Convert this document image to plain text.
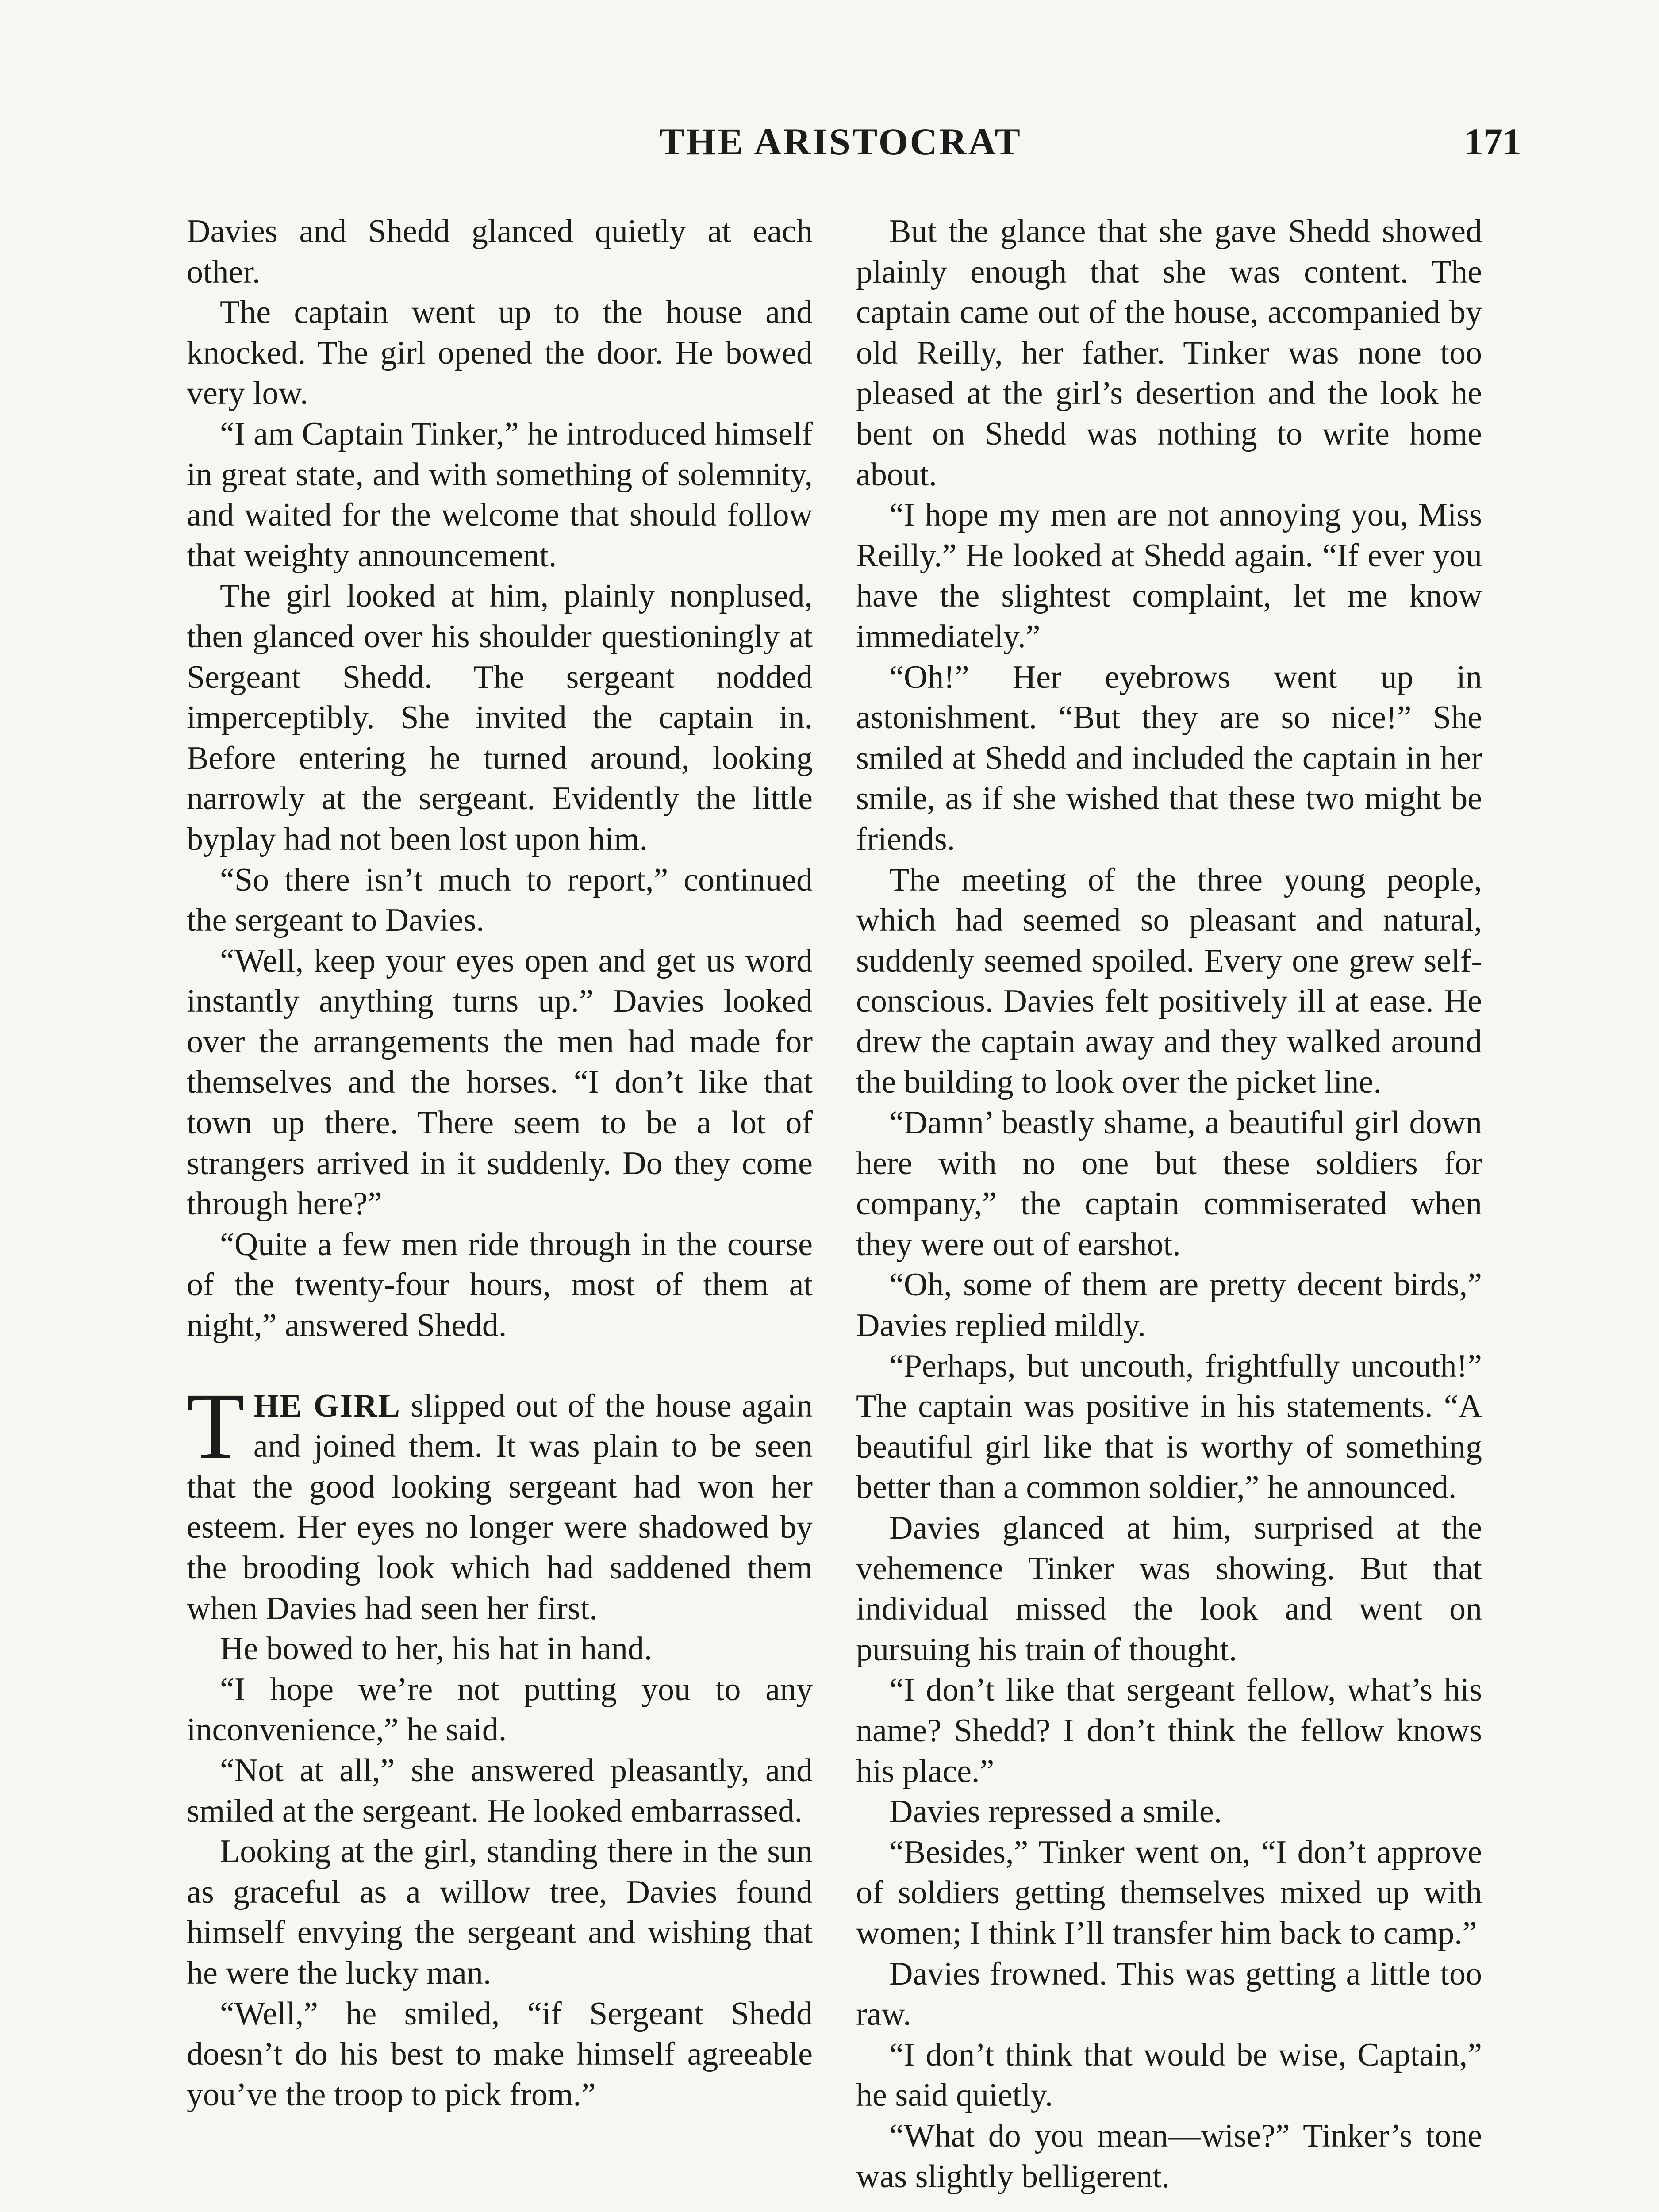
THE ARISTOCRAT	171

Davies and Shedd glanced quietly at each other.

The captain went up to the house and knocked. The girl opened the door. He bowed very low.

“I am Captain Tinker,” he introduced himself in great state, and with something of solemnity, and waited for the welcome that should follow that weighty announcement.

The girl looked at him, plainly nonplused, then glanced over his shoulder questioningly at Sergeant Shedd. The sergeant nodded imperceptibly. She invited the captain in. Before entering he turned around, looking narrowly at the sergeant. Evidently the little byplay had not been lost upon him.

“So there isn’t much to report,” continued the sergeant to Davies.

“Well, keep your eyes open and get us word instantly anything turns up.” Davies looked over the arrangements the men had made for themselves and the horses. “I don’t like that town up there. There seem to be a lot of strangers arrived in it suddenly. Do they come through here?”

“Quite a few men ride through in the course of the twenty-four hours, most of them at night,” answered Shedd.

THE GIRL slipped out of the house again and joined them. It was plain to be seen that the good looking sergeant had won her esteem. Her eyes no longer were shadowed by the brooding look which had saddened them when Davies had seen her first.

He bowed to her, his hat in hand.

“I hope we’re not putting you to any inconvenience,” he said.

“Not at all,” she answered pleasantly, and smiled at the sergeant. He looked embarrassed.

Looking at the girl, standing there in the sun as graceful as a willow tree, Davies found himself envying the sergeant and wishing that he were the lucky man.

“Well,” he smiled, “if Sergeant Shedd doesn’t do his best to make himself agreeable you’ve the troop to pick from.”

But the glance that she gave Shedd showed plainly enough that she was content. The captain came out of the house, accompanied by old Reilly, her father. Tinker was none too pleased at the girl’s desertion and the look he bent on Shedd was nothing to write home about.

“I hope my men are not annoying you, Miss Reilly.” He looked at Shedd again. “If ever you have the slightest complaint, let me know immediately.”

“Oh!” Her eyebrows went up in astonishment. “But they are so nice!” She smiled at Shedd and included the captain in her smile, as if she wished that these two might be friends.

The meeting of the three young people, which had seemed so pleasant and natural, suddenly seemed spoiled. Every one grew self-conscious. Davies felt positively ill at ease. He drew the captain away and they walked around the building to look over the picket line.

“Damn’ beastly shame, a beautiful girl down here with no one but these soldiers for company,” the captain commiserated when they were out of earshot.

“Oh, some of them are pretty decent birds,” Davies replied mildly.

“Perhaps, but uncouth, frightfully uncouth!” The captain was positive in his statements. “A beautiful girl like that is worthy of something better than a common soldier,” he announced.

Davies glanced at him, surprised at the vehemence Tinker was showing. But that individual missed the look and went on pursuing his train of thought.

“I don’t like that sergeant fellow, what’s his name? Shedd? I don’t think the fellow knows his place.”

Davies repressed a smile.

“Besides,” Tinker went on, “I don’t approve of soldiers getting themselves mixed up with women; I think I’ll transfer him back to camp.”

Davies frowned. This was getting a little too raw.

“I don’t think that would be wise, Captain,” he said quietly.

“What do you mean—wise?” Tinker’s tone was slightly belligerent.
